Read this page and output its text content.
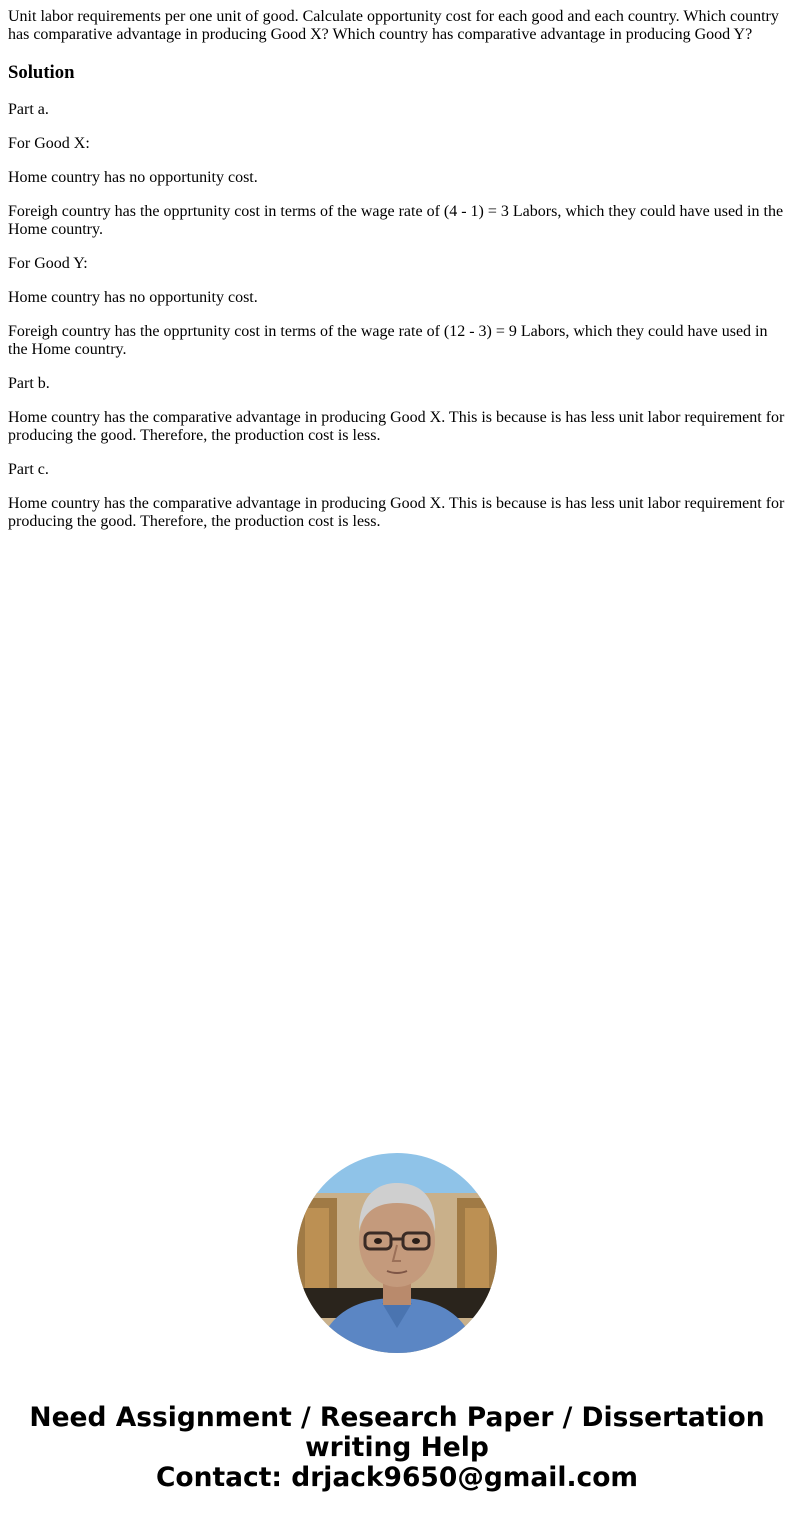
Unit labor requirements per one unit of good. Calculate opportunity cost for each good and each country. Which country has comparative advantage in producing Good X? Which country has comparative advantage in producing Good Y?

Solution

Part a.

For Good X:

Home country has no opportunity cost.

Foreigh country has the opprtunity cost in terms of the wage rate of (4 - 1) = 3 Labors, which they could have used in the Home country.

For Good Y:

Home country has no opportunity cost.

Foreigh country has the opprtunity cost in terms of the wage rate of (12 - 3) = 9 Labors, which they could have used in the Home country.

Part b.

Home country has the comparative advantage in producing Good X. This is because is has less unit labor requirement for producing the good. Therefore, the production cost is less.

Part c.

Home country has the comparative advantage in producing Good X. This is because is has less unit labor requirement for producing the good. Therefore, the production cost is less.

Need Assignment / Research Paper / Dissertation
writing Help
Contact: drjack9650@gmail.com
